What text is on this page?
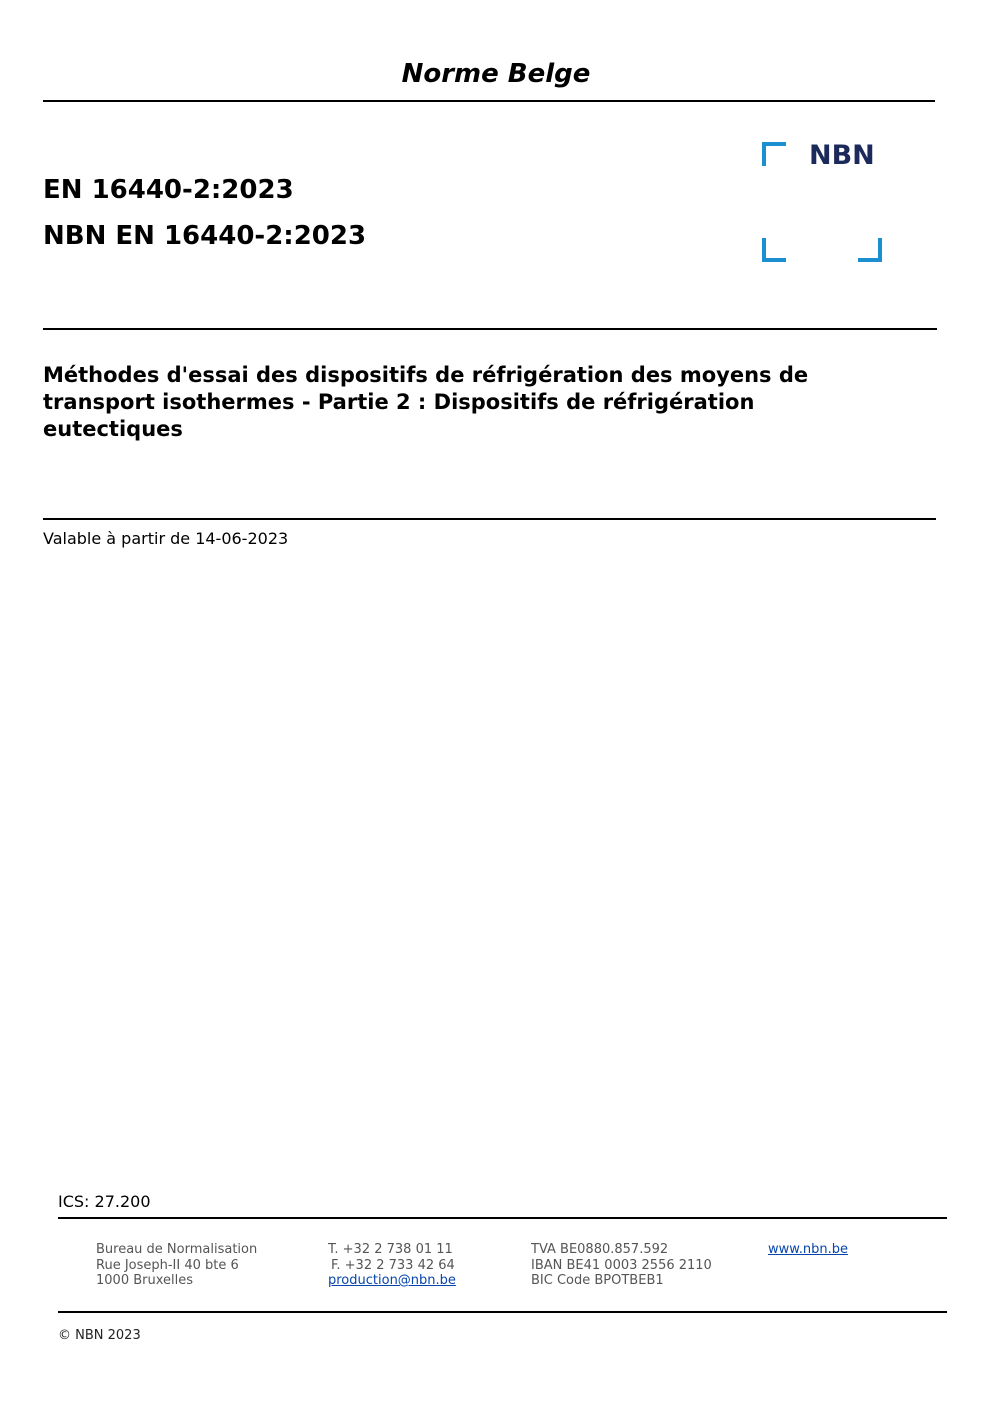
Norme Belge
EN 16440-2:2023
NBN EN 16440-2:2023
NBN
Méthodes d'essai des dispositifs de réfrigération des moyens de transport isothermes - Partie 2 : Dispositifs de réfrigération eutectiques
Valable à partir de 14-06-2023
ICS: 27.200
Bureau de Normalisation
Rue Joseph-II 40 bte 6
1000 Bruxelles
T. +32 2 738 01 11
F. +32 2 733 42 64
production@nbn.be
TVA BE0880.857.592
IBAN BE41 0003 2556 2110
BIC Code BPOTBEB1
www.nbn.be
© NBN 2023
